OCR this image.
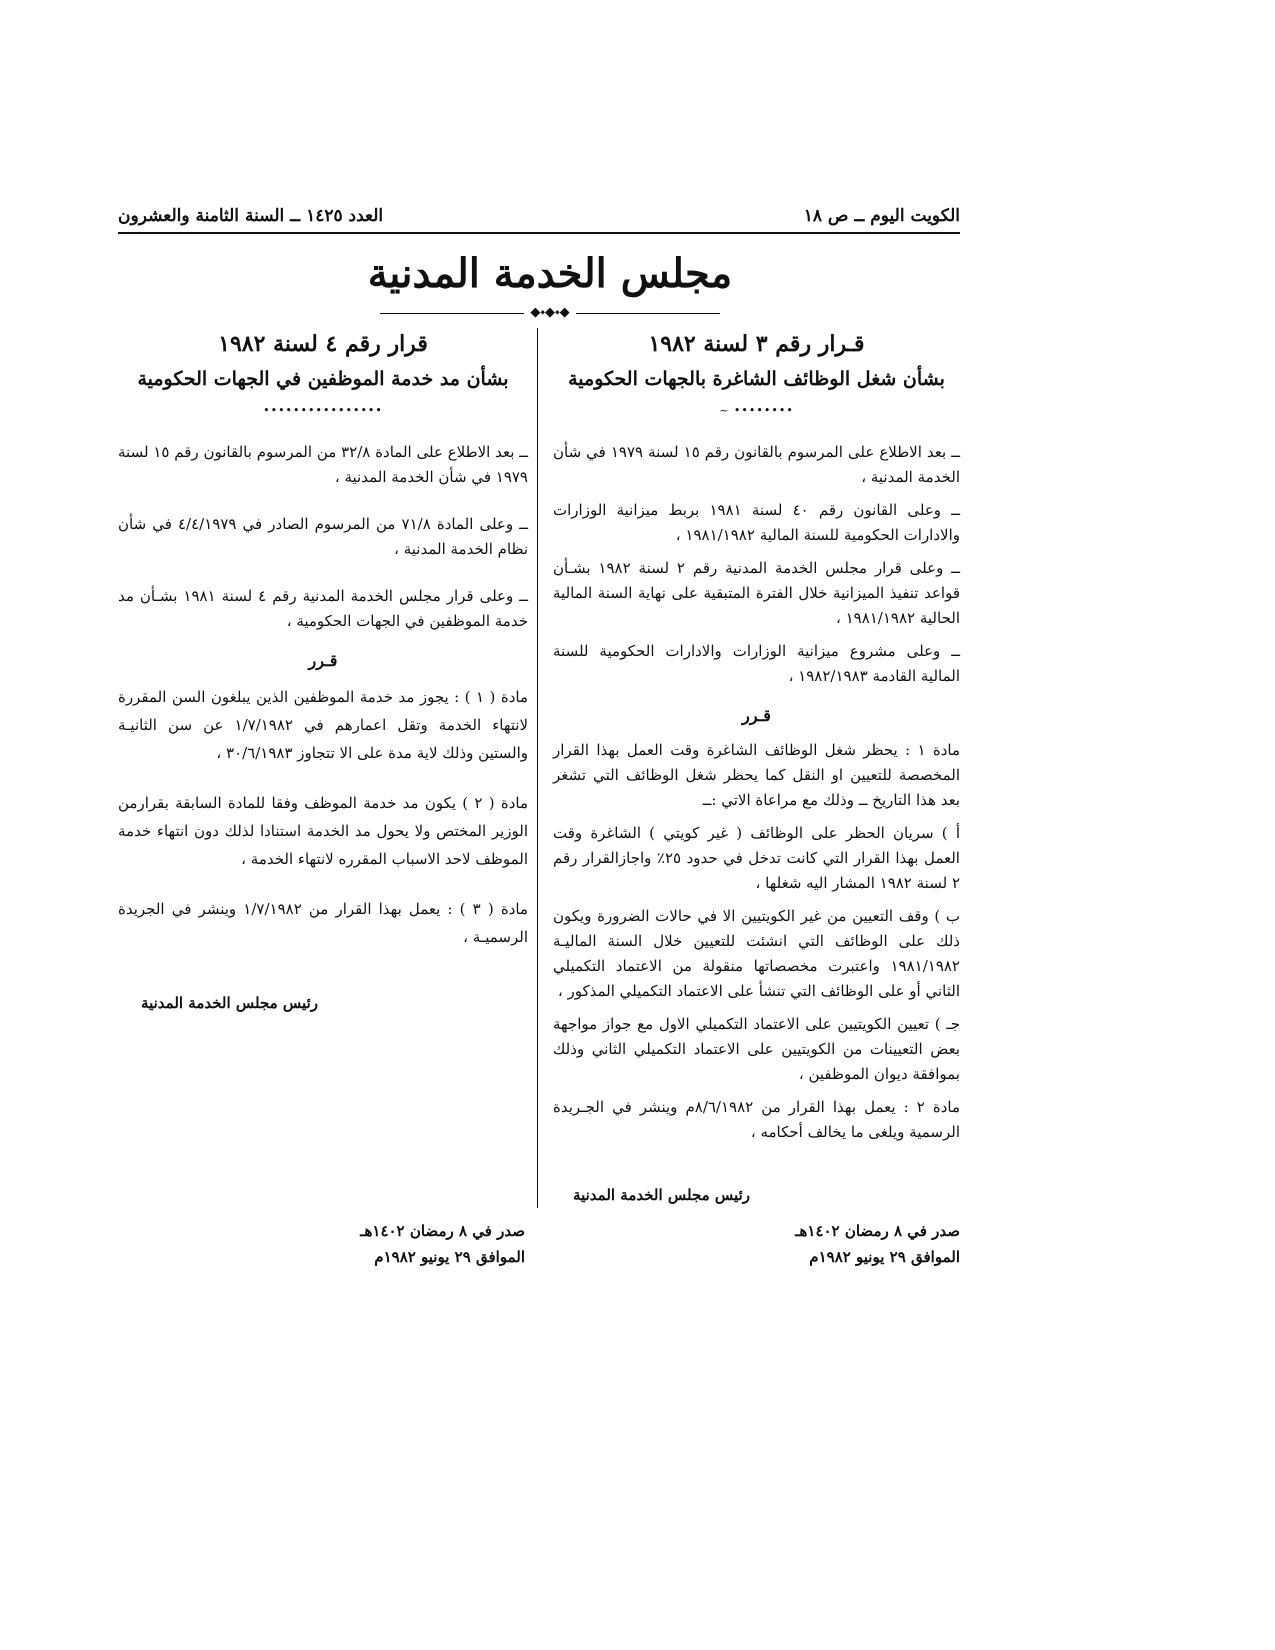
الكويت اليوم ــ ص ١٨
العدد ١٤٢٥ ــ السنة الثامنة والعشرون
مجلس الخدمة المدنية
◆⬩◆⬩◆
قـرار رقم ٣ لسنة ١٩٨٢
بشأن شغل الوظائف الشاغرة بالجهات الحكومية
•••••••• ~

ــ بعد الاطلاع على المرسوم بالقانون رقم ١٥ لسنة ١٩٧٩ في شأن الخدمة المدنية ،

ــ وعلى القانون رقم ٤٠ لسنة ١٩٨١ بربط ميزانية الوزارات والادارات الحكومية للسنة المالية ١٩٨١/١٩٨٢ ،

ــ وعلى قرار مجلس الخدمة المدنية رقم ٢ لسنة ١٩٨٢ بشـأن قواعد تنفيذ الميزانية خلال الفترة المتبقية على نهاية السنة المالية الحالية ١٩٨١/١٩٨٢ ،

ــ وعلى مشروع ميزانية الوزارات والادارات الحكومية للسنة المالية القادمة ١٩٨٢/١٩٨٣ ،

قـرر

مادة ١ : يحظر شغل الوظائف الشاغرة وقت العمل بهذا القرار المخصصة للتعيين او النقل كما يحظر شغل الوظائف التي تشغر بعد هذا التاريخ ــ وذلك مع مراعاة الاتي :ــ

أ ) سريان الحظر على الوظائف ( غير كويتي ) الشاغرة وقت العمل بهذا القرار التي كانت تدخل في حدود ٢٥٪ واجازالقرار رقم ٢ لسنة ١٩٨٢ المشار اليه شغلها ،

ب ) وقف التعيين من غير الكويتيين الا في حالات الضرورة ويكون ذلك على الوظائف التي انشئت للتعيين خلال السنة الماليـة ١٩٨١/١٩٨٢ واعتبرت مخصصاتها منقولة من الاعتماد التكميلي الثاني أو على الوظائف التي تنشأ على الاعتماد التكميلي المذكور ،

جـ ) تعيين الكويتيين على الاعتماد التكميلي الاول مع جواز مواجهة بعض التعيينات من الكويتيين على الاعتماد التكميلي الثاني وذلك بموافقة ديوان الموظفين ،

مادة ٢ : يعمل بهذا القرار من ٨/٦/١٩٨٢م وينشر في الجـريدة الرسمية ويلغى ما يخالف أحكامه ،

رئيس مجلس الخدمة المدنية
قرار رقم ٤ لسنة ١٩٨٢
بشأن مد خدمة الموظفين في الجهات الحكومية
••••••••••••••••

ــ بعد الاطلاع على المادة ٣٢/٨ من المرسوم بالقانون رقم ١٥ لسنة ١٩٧٩ في شأن الخدمة المدنية ،

ــ وعلى المادة ٧١/٨ من المرسوم الصادر في ٤/٤/١٩٧٩ في شأن نظام الخدمة المدنية ،

ــ وعلى قرار مجلس الخدمة المدنية رقم ٤ لسنة ١٩٨١ بشـأن مد خدمة الموظفين في الجهات الحكومية ،

قـرر

مادة ( ١ ) : يجوز مد خدمة الموظفين الذين يبلغون السن المقررة لانتهاء الخدمة وتقل اعمارهم في ١/٧/١٩٨٢ عن سن الثانيـة والستين وذلك لاية مدة على الا تتجاوز ٣٠/٦/١٩٨٣ ،

مادة ( ٢ ) يكون مد خدمة الموظف وفقا للمادة السابقة بقرارمن الوزير المختص ولا يحول مد الخدمة استنادا لذلك دون انتهاء خدمة الموظف لاحد الاسباب المقرره لانتهاء الخدمة ،

مادة ( ٣ ) : يعمل بهذا القرار من ١/٧/١٩٨٢ وينشر في الجريدة الرسميـة ،

رئيس مجلس الخدمة المدنية
صدر في ٨ رمضان ١٤٠٢هـ
الموافق ٢٩ يونيو ١٩٨٢م
صدر في ٨ رمضان ١٤٠٢هـ
الموافق ٢٩ يونيو ١٩٨٢م
